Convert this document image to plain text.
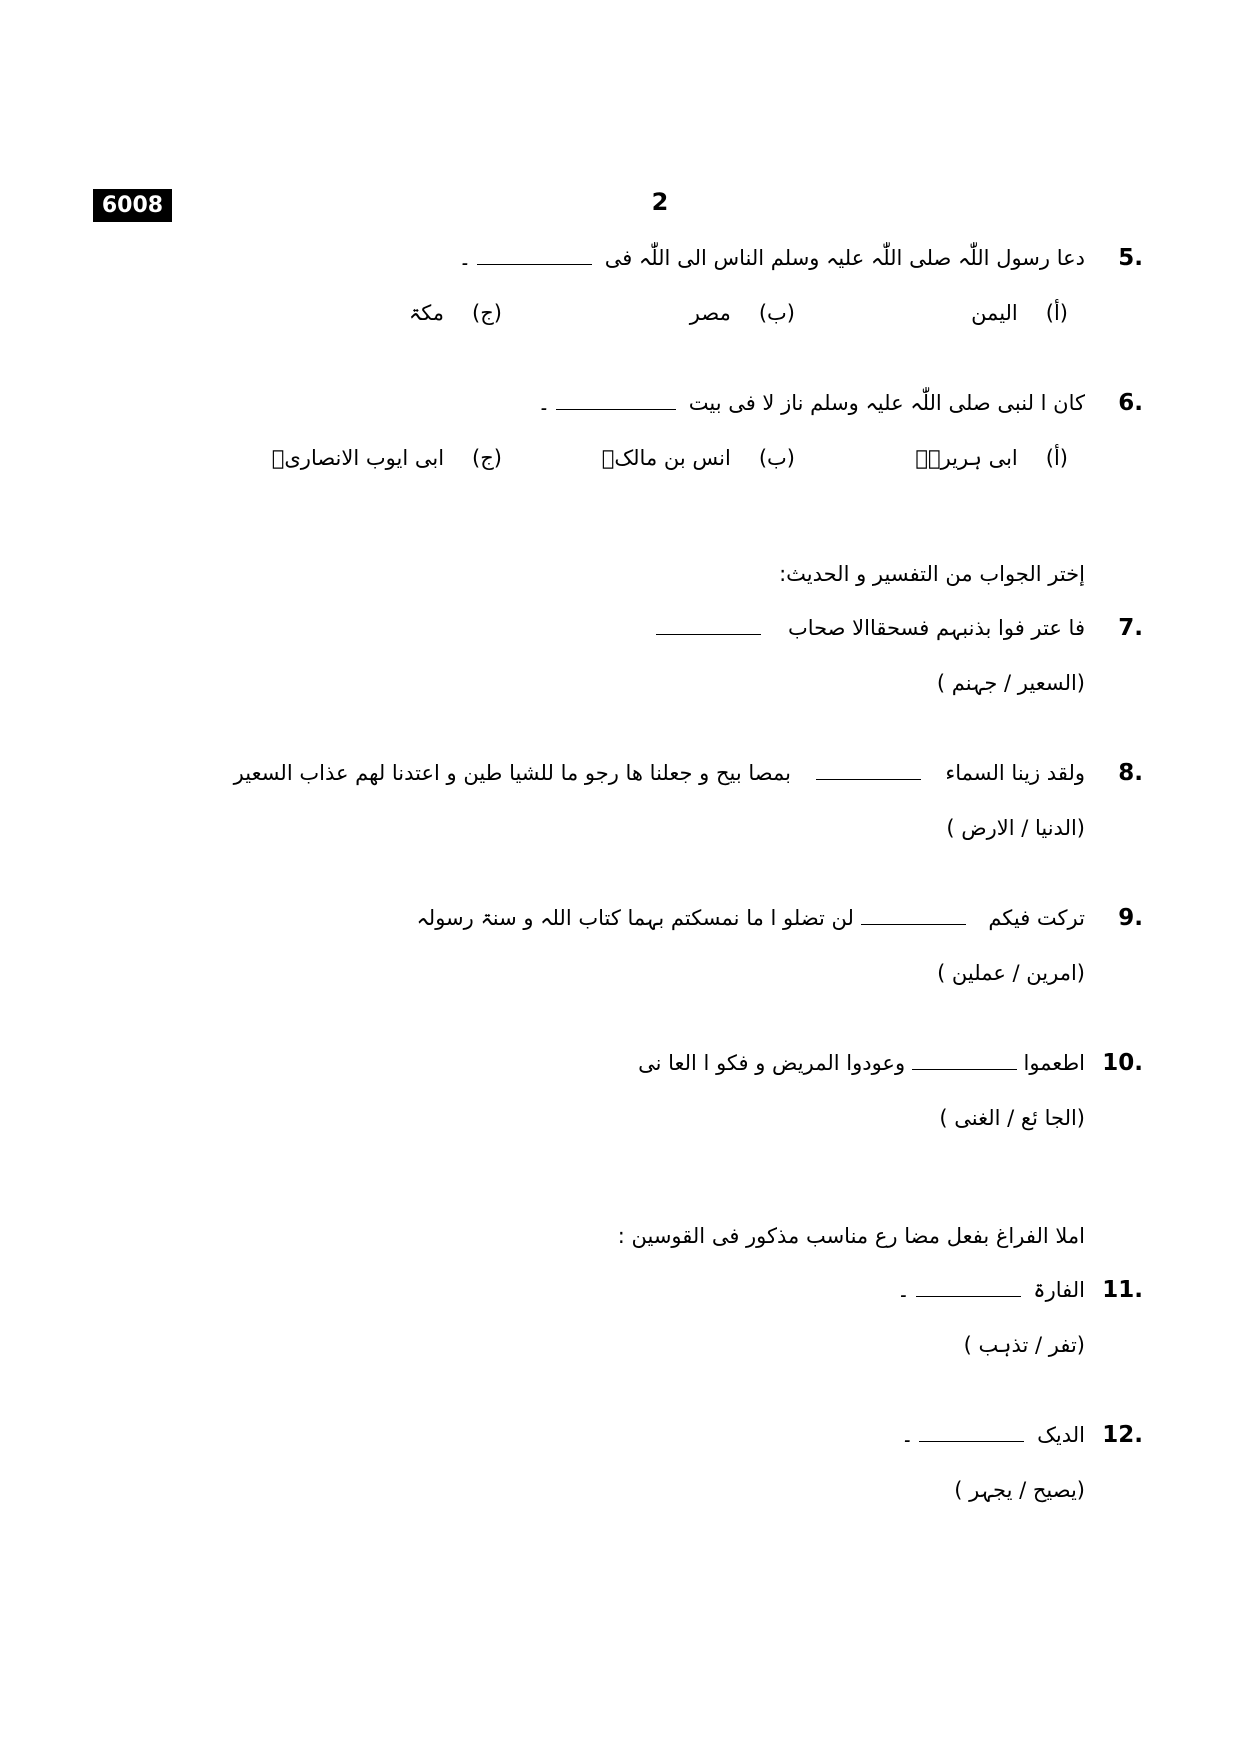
6008	2
5.
دعا رسول اللّٰہ صلی اللّٰہ علیہ وسلم الناس الی اللّٰہ فی ۔
(أ)الیمن
(ب)مصر
(ج)مکۃ
6.
کان ا لنبی صلی اللّٰہ علیہ وسلم ناز لا فی بیت ۔
(أ)ابی ہریرۃؓ
(ب)انس بن مالکؓ
(ج)ابی ایوب الانصاریؓ
إختر الجواب من التفسیر و الحدیث:
7.
فا عتر فوا بذنبہم فسحقاالا صحاب
(السعیر / جہنم )
8.
ولقد زینا السماء  بمصا بیح و جعلنا ھا رجو ما للشیا طین و اعتدنا لھم عذاب السعیر
(الدنیا / الارض )
9.
ترکت فیکم  لن تضلو ا ما نمسکتم بہما کتاب اللہ و سنۃ رسولہ
(امرین / عملین )
10.
اطعموا  وعودوا المریض و فکو ا العا نی
(الجا ئع / الغنی )
املا الفراغ بفعل مضا رع مناسب مذکور فی القوسین :
11.
الفارۃ ۔
(تفر / تذہب )
12.
الدیک ۔
(یصیح / یجہر )
